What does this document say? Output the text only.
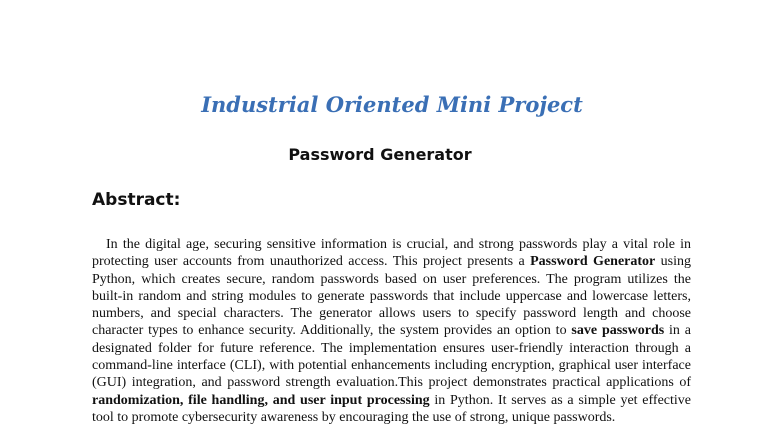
Industrial Oriented Mini Project
Password Generator
Abstract:

In the digital age, securing sensitive information is crucial, and strong passwords play a vital role in protecting user accounts from unauthorized access. This project presents a Password Generator using Python, which creates secure, random passwords based on user preferences. The program utilizes the built-in random and string modules to generate passwords that include uppercase and lowercase letters, numbers, and special characters. The generator allows users to specify password length and choose character types to enhance security. Additionally, the system provides an option to save passwords in a designated folder for future reference. The implementation ensures user-friendly interaction through a command-line interface (CLI), with potential enhancements including encryption, graphical user interface (GUI) integration, and password strength evaluation.This project demonstrates practical applications of randomization, file handling, and user input processing in Python. It serves as a simple yet effective tool to promote cybersecurity awareness by encouraging the use of strong, unique passwords.
